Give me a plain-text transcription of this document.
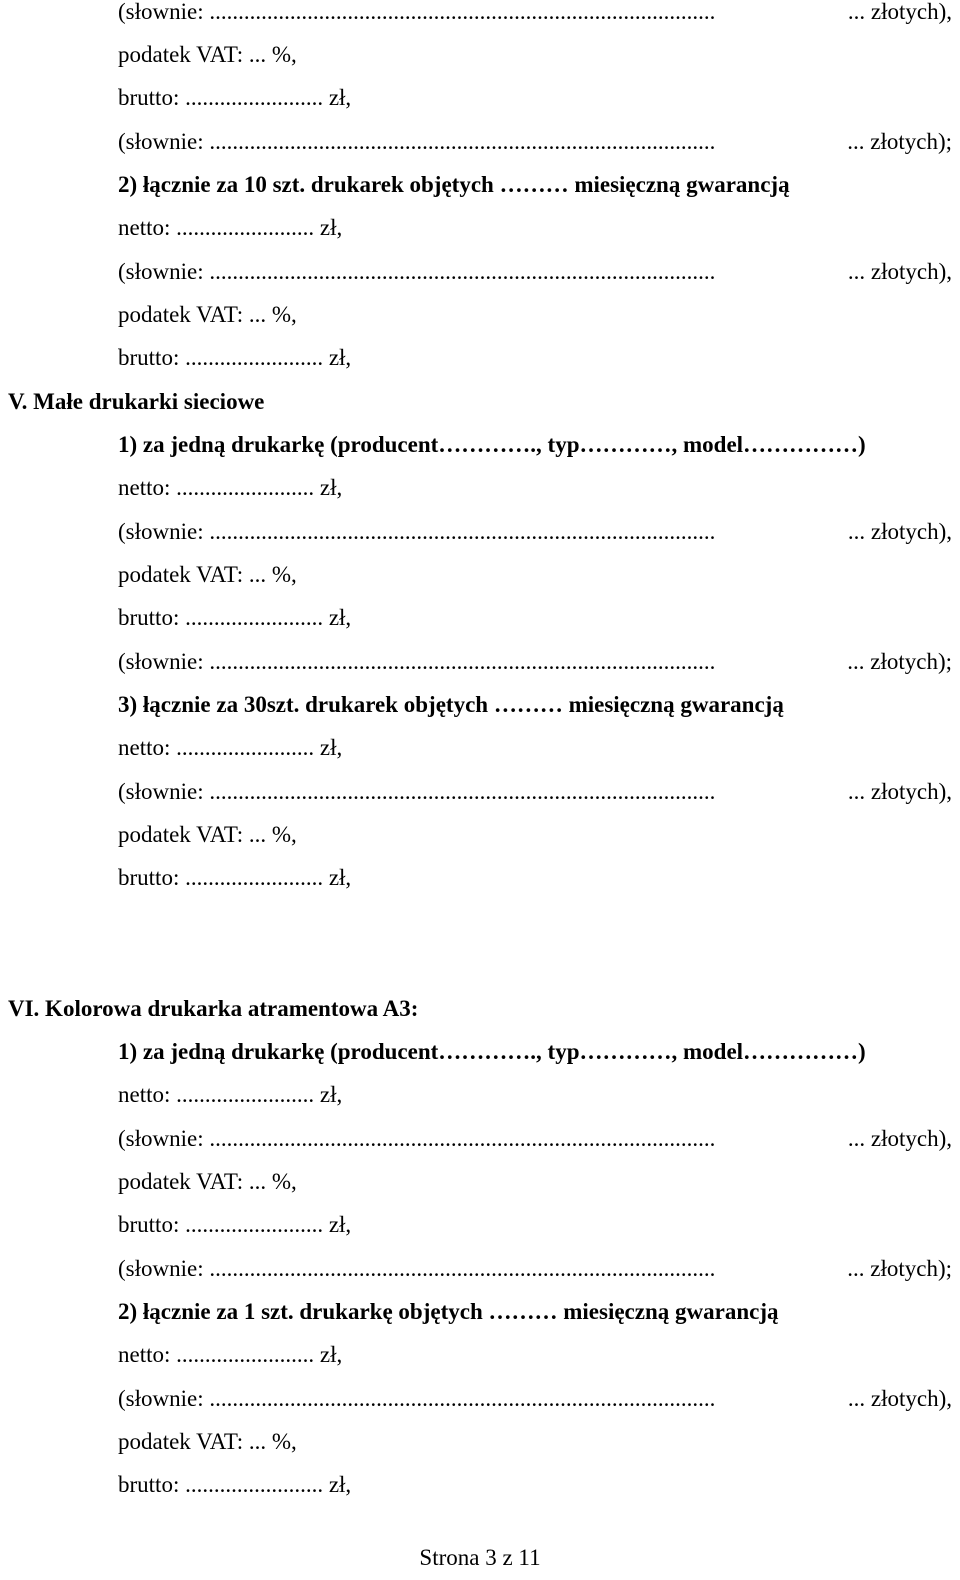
(słownie: ........................................................................................	... złotych),
podatek VAT: ... %,
brutto: ........................ zł,
(słownie: ........................................................................................	... złotych);
2) łącznie za 10 szt. drukarek objętych ……… miesięczną gwarancją
netto: ........................ zł,
(słownie: ........................................................................................	... złotych),
podatek VAT: ... %,
brutto: ........................ zł,
V. Małe drukarki sieciowe
1) za jedną drukarkę (producent…………., typ…………, model……………)
netto: ........................ zł,
(słownie: ........................................................................................	... złotych),
podatek VAT: ... %,
brutto: ........................ zł,
(słownie: ........................................................................................	... złotych);
3) łącznie za 30szt. drukarek objętych ……… miesięczną gwarancją
netto: ........................ zł,
(słownie: ........................................................................................	... złotych),
podatek VAT: ... %,
brutto: ........................ zł,
VI. Kolorowa drukarka atramentowa A3:
1) za jedną drukarkę (producent…………., typ…………, model……………)
netto: ........................ zł,
(słownie: ........................................................................................	... złotych),
podatek VAT: ... %,
brutto: ........................ zł,
(słownie: ........................................................................................	... złotych);
2) łącznie za 1 szt. drukarkę objętych ……… miesięczną gwarancją
netto: ........................ zł,
(słownie: ........................................................................................	... złotych),
podatek VAT: ... %,
brutto: ........................ zł,
Strona 3 z 11
